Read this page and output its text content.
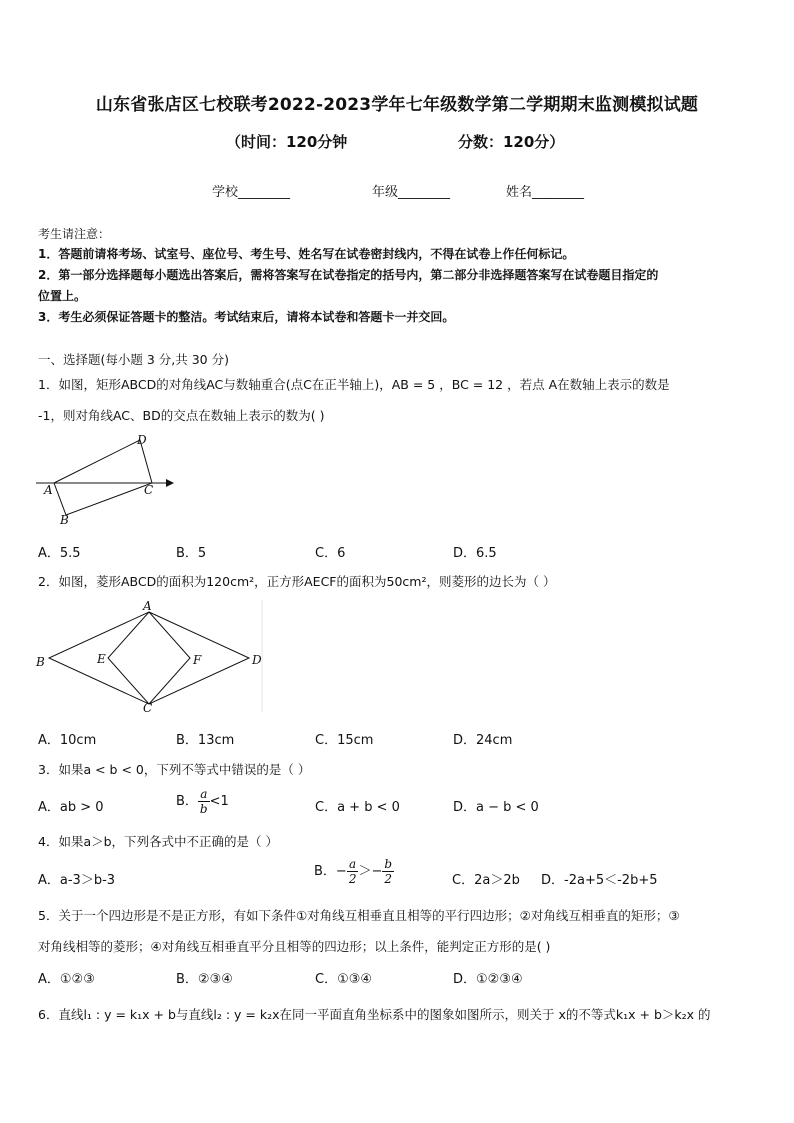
山东省张店区七校联考2022-2023学年七年级数学第二学期期末监测模拟试题
（时间：120分钟	分数：120分）
学校________	年级________	姓名________
考生请注意：
1．答题前请将考场、试室号、座位号、考生号、姓名写在试卷密封线内，不得在试卷上作任何标记。
2．第一部分选择题每小题选出答案后，需将答案写在试卷指定的括号内，第二部分非选择题答案写在试卷题目指定的
位置上。
3．考生必须保证答题卡的整洁。考试结束后，请将本试卷和答题卡一并交回。
一、选择题(每小题 3 分,共 30 分)
1．如图，矩形ABCD的对角线AC与数轴重合(点C在正半轴上)，AB = 5 ，BC = 12 ，若点 A在数轴上表示的数是
-1，则对角线AC、BD的交点在数轴上表示的数为( )
A
B
C
D
A．5.5	B．5	C．6	D．6.5
2．如图，菱形ABCD的面积为120cm²，正方形AECF的面积为50cm²，则菱形的边长为（ ）
A
B
C
D
E	F
A．10cm	B．13cm	C．15cm	D．24cm
3．如果a < b < 0，下列不等式中错误的是（ ）
A．ab > 0	B． $\frac{a}{b} <1$	C．a + b < 0	D．a − b < 0
4．如果a＞b，下列各式中不正确的是（ ）
A．a-3＞b-3
B．− $\frac{a}{2} >- \frac{b}{2}$	C．2a＞2b D．-2a+5＜-2b+5
5．关于一个四边形是不是正方形，有如下条件①对角线互相垂直且相等的平行四边形；②对角线互相垂直的矩形；③
对角线相等的菱形；④对角线互相垂直平分且相等的四边形；以上条件，能判定正方形的是( )
A．①②③	B．②③④	C．①③④	D．①②③④
6．直线l₁ : y = k₁x + b与直线l₂ : y = k₂x在同一平面直角坐标系中的图象如图所示，则关于 x的不等式k₁x + b＞k₂x 的
